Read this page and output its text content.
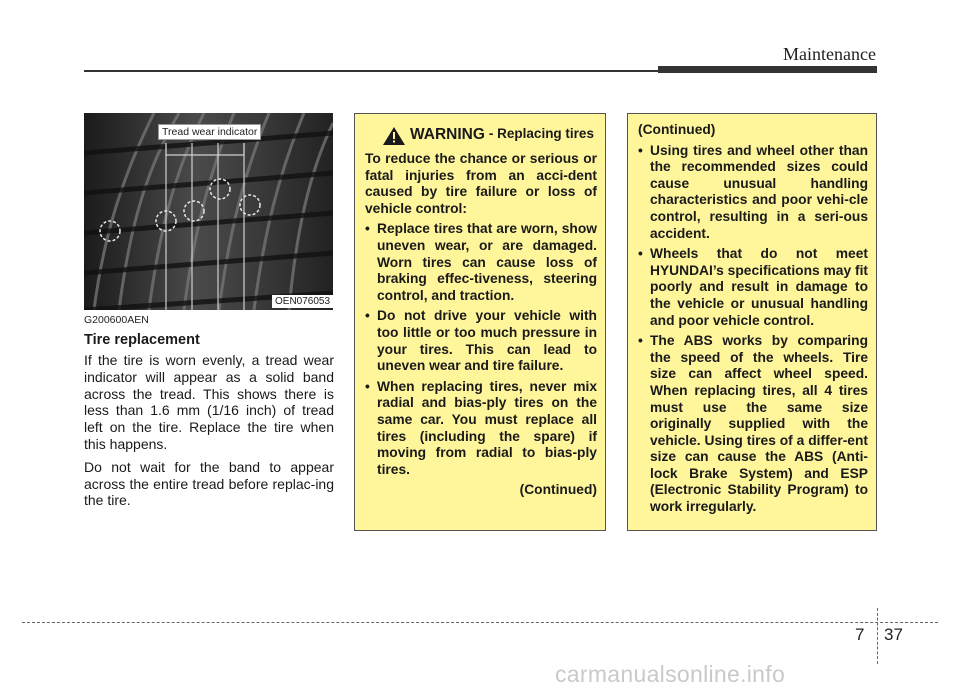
Maintenance
Tread wear indicator
OEN076053
G200600AEN
Tire replacement

If the tire is worn evenly, a tread wear indicator will appear as a solid band across the tread. This shows there is less than 1.6 mm (1/16 inch) of tread left on the tire. Replace the tire when this happens.

Do not wait for the band to appear across the entire tread before replac-ing the tire.

WARNING - Replacing tires

To reduce the chance or serious or fatal injuries from an acci-dent caused by tire failure or loss of vehicle control:

• Replace tires that are worn, show uneven wear, or are damaged. Worn tires can cause loss of braking effec-tiveness, steering control, and traction.
• Do not drive your vehicle with too little or too much pressure in your tires. This can lead to uneven wear and tire failure.
• When replacing tires, never mix radial and bias-ply tires on the same car. You must replace all tires (including the spare) if moving from radial to bias-ply tires.
(Continued)

(Continued)

• Using tires and wheel other than the recommended sizes could cause unusual handling characteristics and poor vehi-cle control, resulting in a seri-ous accident.
• Wheels that do not meet HYUNDAI’s specifications may fit poorly and result in damage to the vehicle or unusual handling and poor vehicle control.
• The ABS works by comparing the speed of the wheels. Tire size can affect wheel speed. When replacing tires, all 4 tires must use the same size originally supplied with the vehicle. Using tires of a differ-ent size can cause the ABS (Anti-lock Brake System) and ESP (Electronic Stability Program) to work irregularly.
7 37
carmanualsonline.info
